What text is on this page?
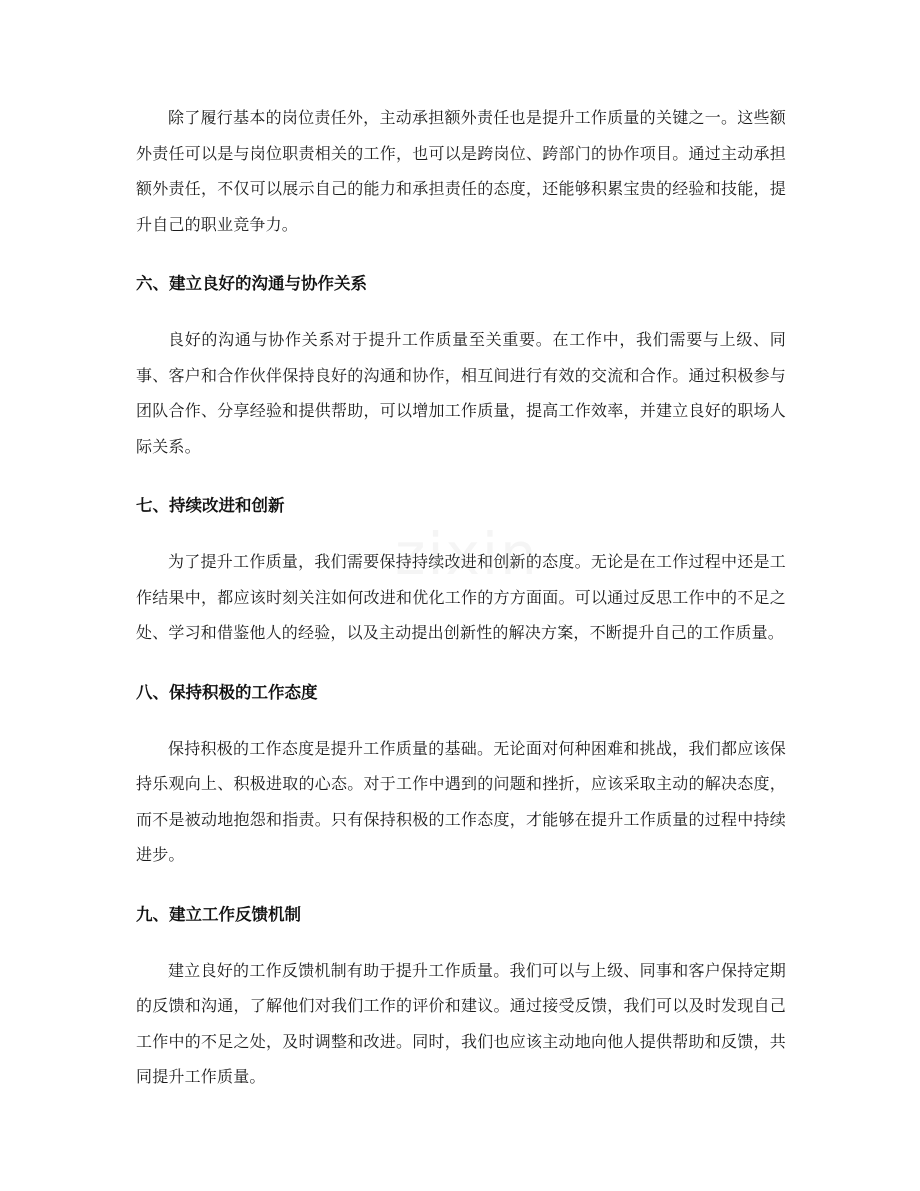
zixin

除了履行基本的岗位责任外，主动承担额外责任也是提升工作质量的关键之一。这些额外责任可以是与岗位职责相关的工作，也可以是跨岗位、跨部门的协作项目。通过主动承担额外责任，不仅可以展示自己的能力和承担责任的态度，还能够积累宝贵的经验和技能，提升自己的职业竞争力。

六、建立良好的沟通与协作关系

良好的沟通与协作关系对于提升工作质量至关重要。在工作中，我们需要与上级、同事、客户和合作伙伴保持良好的沟通和协作，相互间进行有效的交流和合作。通过积极参与团队合作、分享经验和提供帮助，可以增加工作质量，提高工作效率，并建立良好的职场人际关系。

七、持续改进和创新

为了提升工作质量，我们需要保持持续改进和创新的态度。无论是在工作过程中还是工作结果中，都应该时刻关注如何改进和优化工作的方方面面。可以通过反思工作中的不足之处、学习和借鉴他人的经验，以及主动提出创新性的解决方案，不断提升自己的工作质量。

八、保持积极的工作态度

保持积极的工作态度是提升工作质量的基础。无论面对何种困难和挑战，我们都应该保持乐观向上、积极进取的心态。对于工作中遇到的问题和挫折，应该采取主动的解决态度，而不是被动地抱怨和指责。只有保持积极的工作态度，才能够在提升工作质量的过程中持续进步。

九、建立工作反馈机制

建立良好的工作反馈机制有助于提升工作质量。我们可以与上级、同事和客户保持定期的反馈和沟通，了解他们对我们工作的评价和建议。通过接受反馈，我们可以及时发现自己工作中的不足之处，及时调整和改进。同时，我们也应该主动地向他人提供帮助和反馈，共同提升工作质量。
